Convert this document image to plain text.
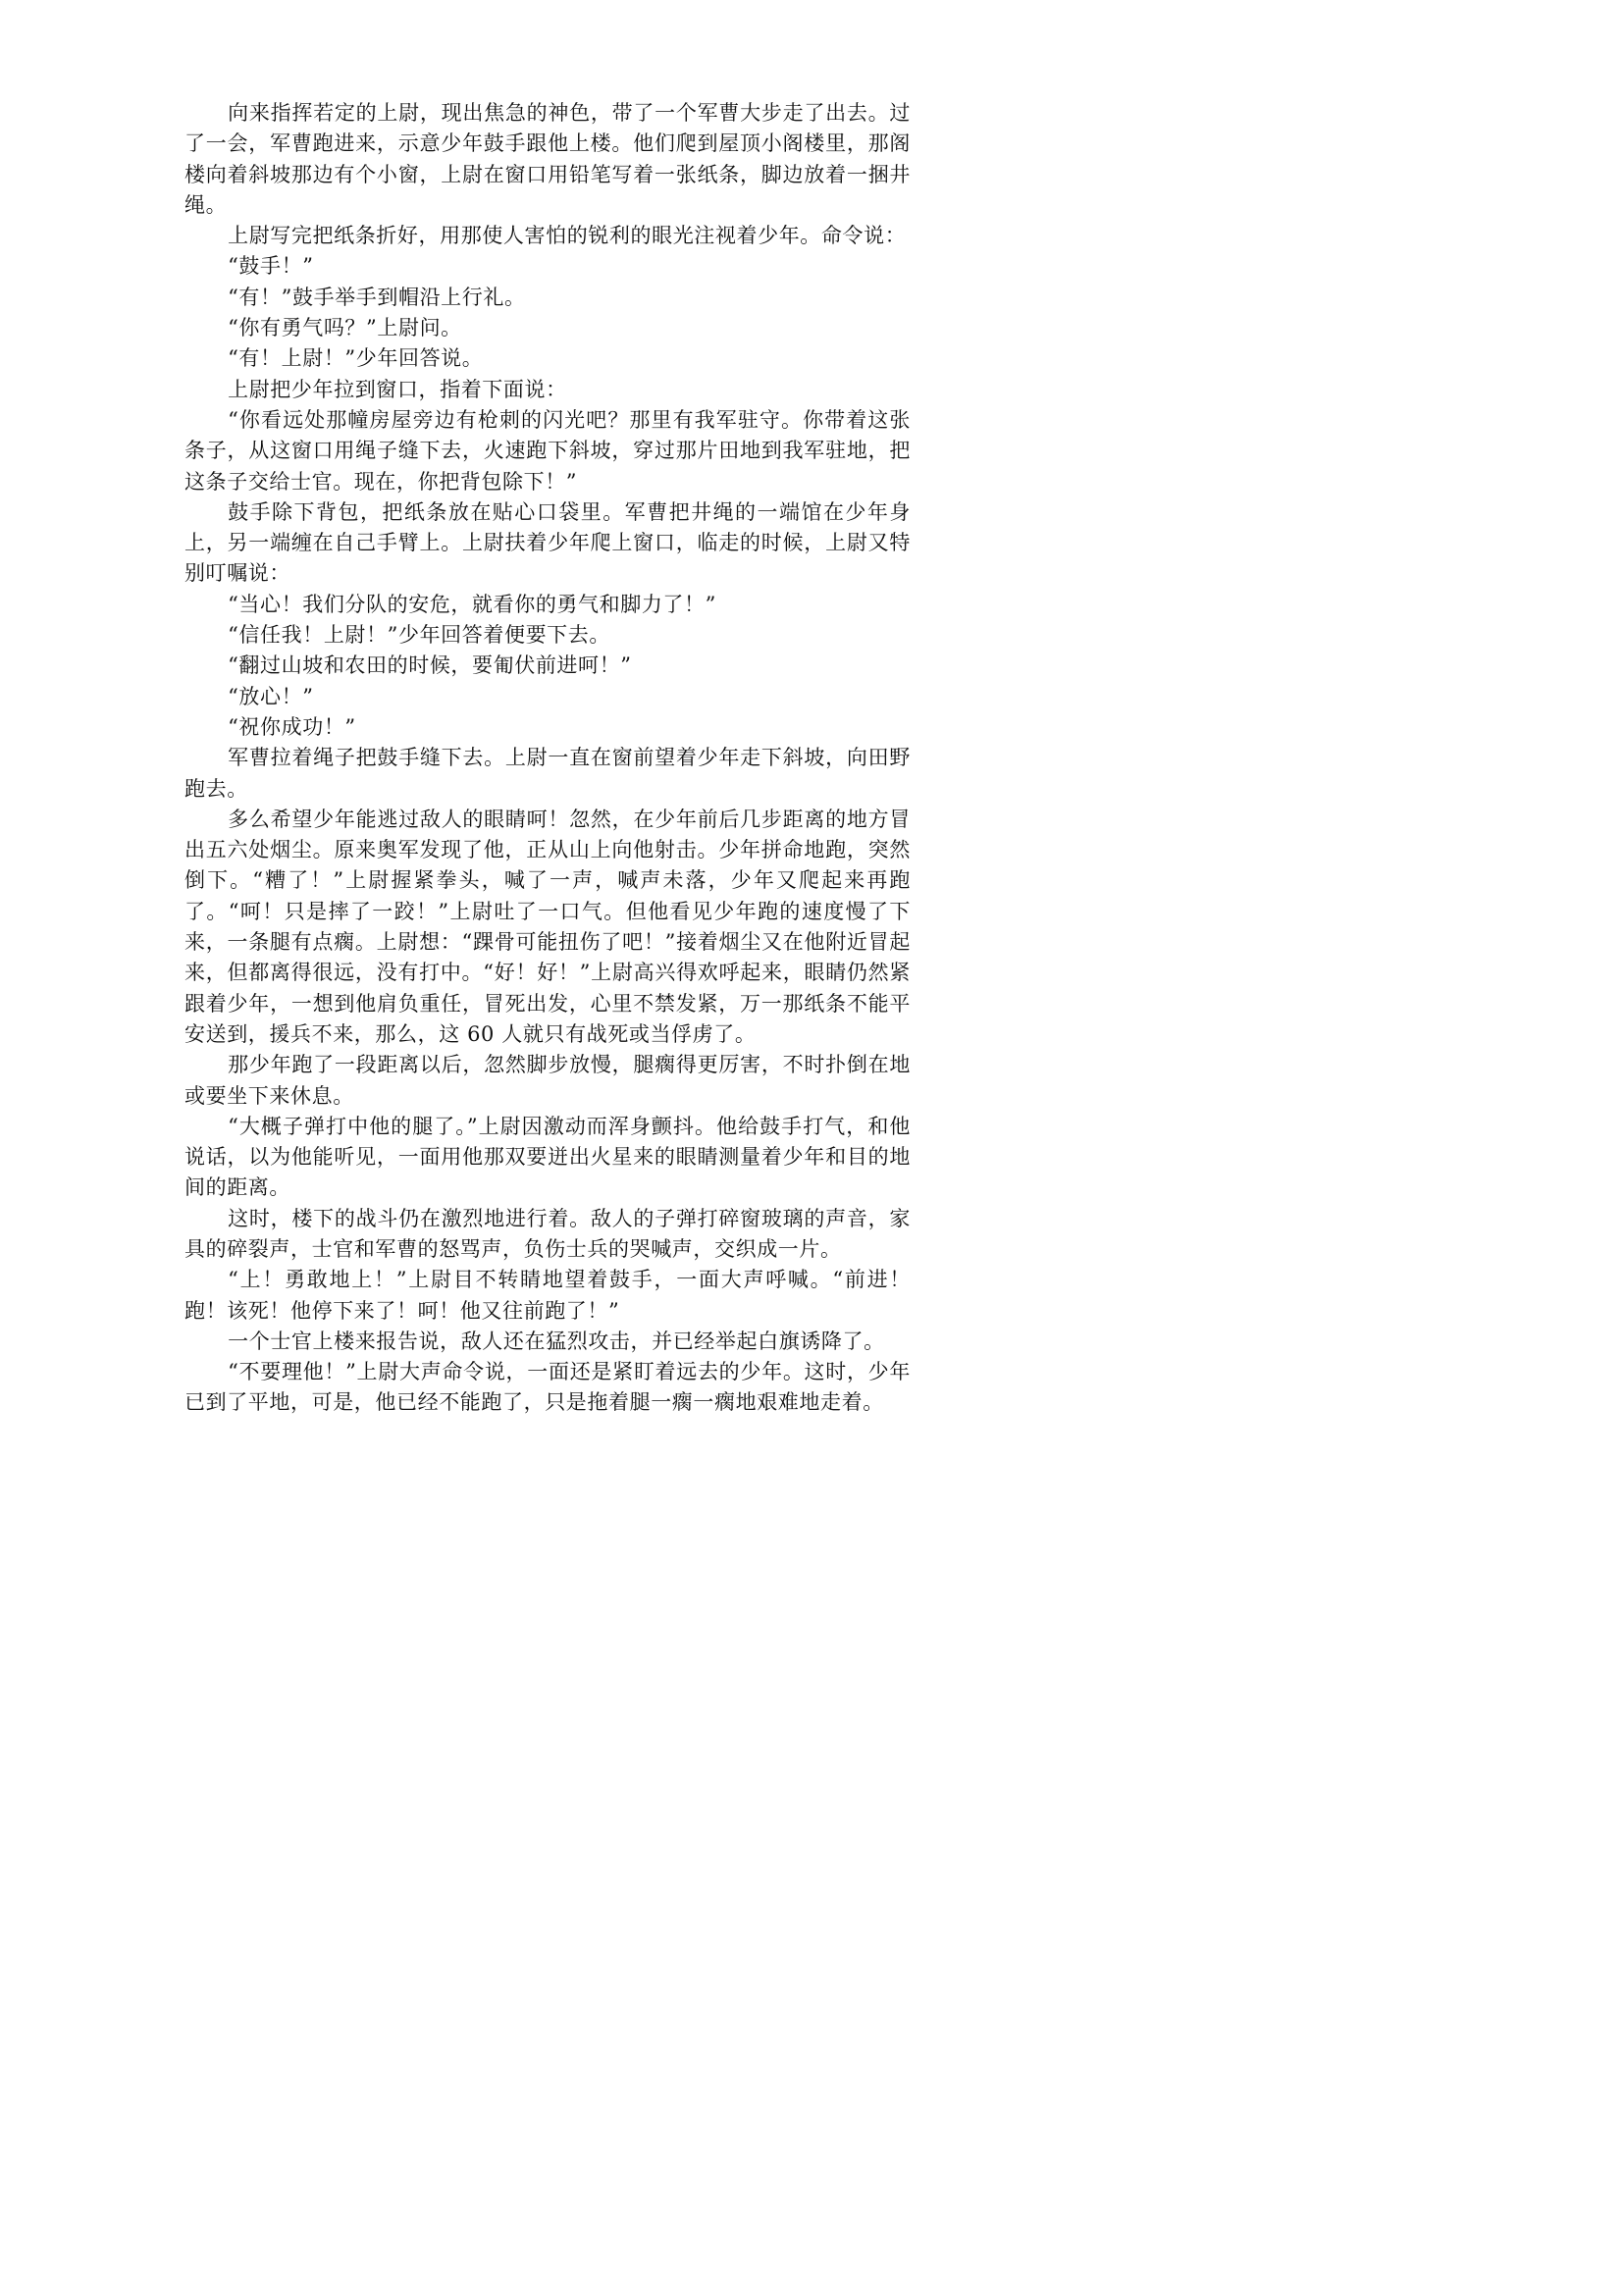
向来指挥若定的上尉，现出焦急的神色，带了一个军曹大步走了出去。过了一会，军曹跑进来，示意少年鼓手跟他上楼。他们爬到屋顶小阁楼里，那阁楼向着斜坡那边有个小窗，上尉在窗口用铅笔写着一张纸条，脚边放着一捆井绳。

上尉写完把纸条折好，用那使人害怕的锐利的眼光注视着少年。命令说：

“鼓手！”

“有！”鼓手举手到帽沿上行礼。

“你有勇气吗？”上尉问。

“有！上尉！”少年回答说。

上尉把少年拉到窗口，指着下面说：

“你看远处那幢房屋旁边有枪刺的闪光吧？那里有我军驻守。你带着这张条子，从这窗口用绳子缝下去，火速跑下斜坡，穿过那片田地到我军驻地，把这条子交给士官。现在，你把背包除下！”

鼓手除下背包，把纸条放在贴心口袋里。军曹把井绳的一端馆在少年身上，另一端缠在自己手臂上。上尉扶着少年爬上窗口，临走的时候，上尉又特别叮嘱说：

“当心！我们分队的安危，就看你的勇气和脚力了！”

“信任我！上尉！”少年回答着便要下去。

“翻过山坡和农田的时候，要匍伏前进呵！”

“放心！”

“祝你成功！”

军曹拉着绳子把鼓手缝下去。上尉一直在窗前望着少年走下斜坡，向田野跑去。

多么希望少年能逃过敌人的眼睛呵！忽然，在少年前后几步距离的地方冒出五六处烟尘。原来奥军发现了他，正从山上向他射击。少年拼命地跑，突然倒下。“糟了！”上尉握紧拳头，喊了一声，喊声未落，少年又爬起来再跑了。“呵！只是摔了一跤！”上尉吐了一口气。但他看见少年跑的速度慢了下来，一条腿有点瘸。上尉想：“踝骨可能扭伤了吧！”接着烟尘又在他附近冒起来，但都离得很远，没有打中。“好！好！”上尉高兴得欢呼起来，眼睛仍然紧跟着少年，一想到他肩负重任，冒死出发，心里不禁发紧，万一那纸条不能平安送到，援兵不来，那么，这 60 人就只有战死或当俘虏了。

那少年跑了一段距离以后，忽然脚步放慢，腿瘸得更厉害，不时扑倒在地或要坐下来休息。

“大概子弹打中他的腿了。”上尉因激动而浑身颤抖。他给鼓手打气，和他说话，以为他能听见，一面用他那双要迸出火星来的眼睛测量着少年和目的地间的距离。

这时，楼下的战斗仍在激烈地进行着。敌人的子弹打碎窗玻璃的声音，家具的碎裂声，士官和军曹的怒骂声，负伤士兵的哭喊声，交织成一片。

“上！勇敢地上！”上尉目不转睛地望着鼓手，一面大声呼喊。“前进！跑！该死！他停下来了！呵！他又往前跑了！”

一个士官上楼来报告说，敌人还在猛烈攻击，并已经举起白旗诱降了。

“不要理他！”上尉大声命令说，一面还是紧盯着远去的少年。这时，少年已到了平地，可是，他已经不能跑了，只是拖着腿一瘸一瘸地艰难地走着。
